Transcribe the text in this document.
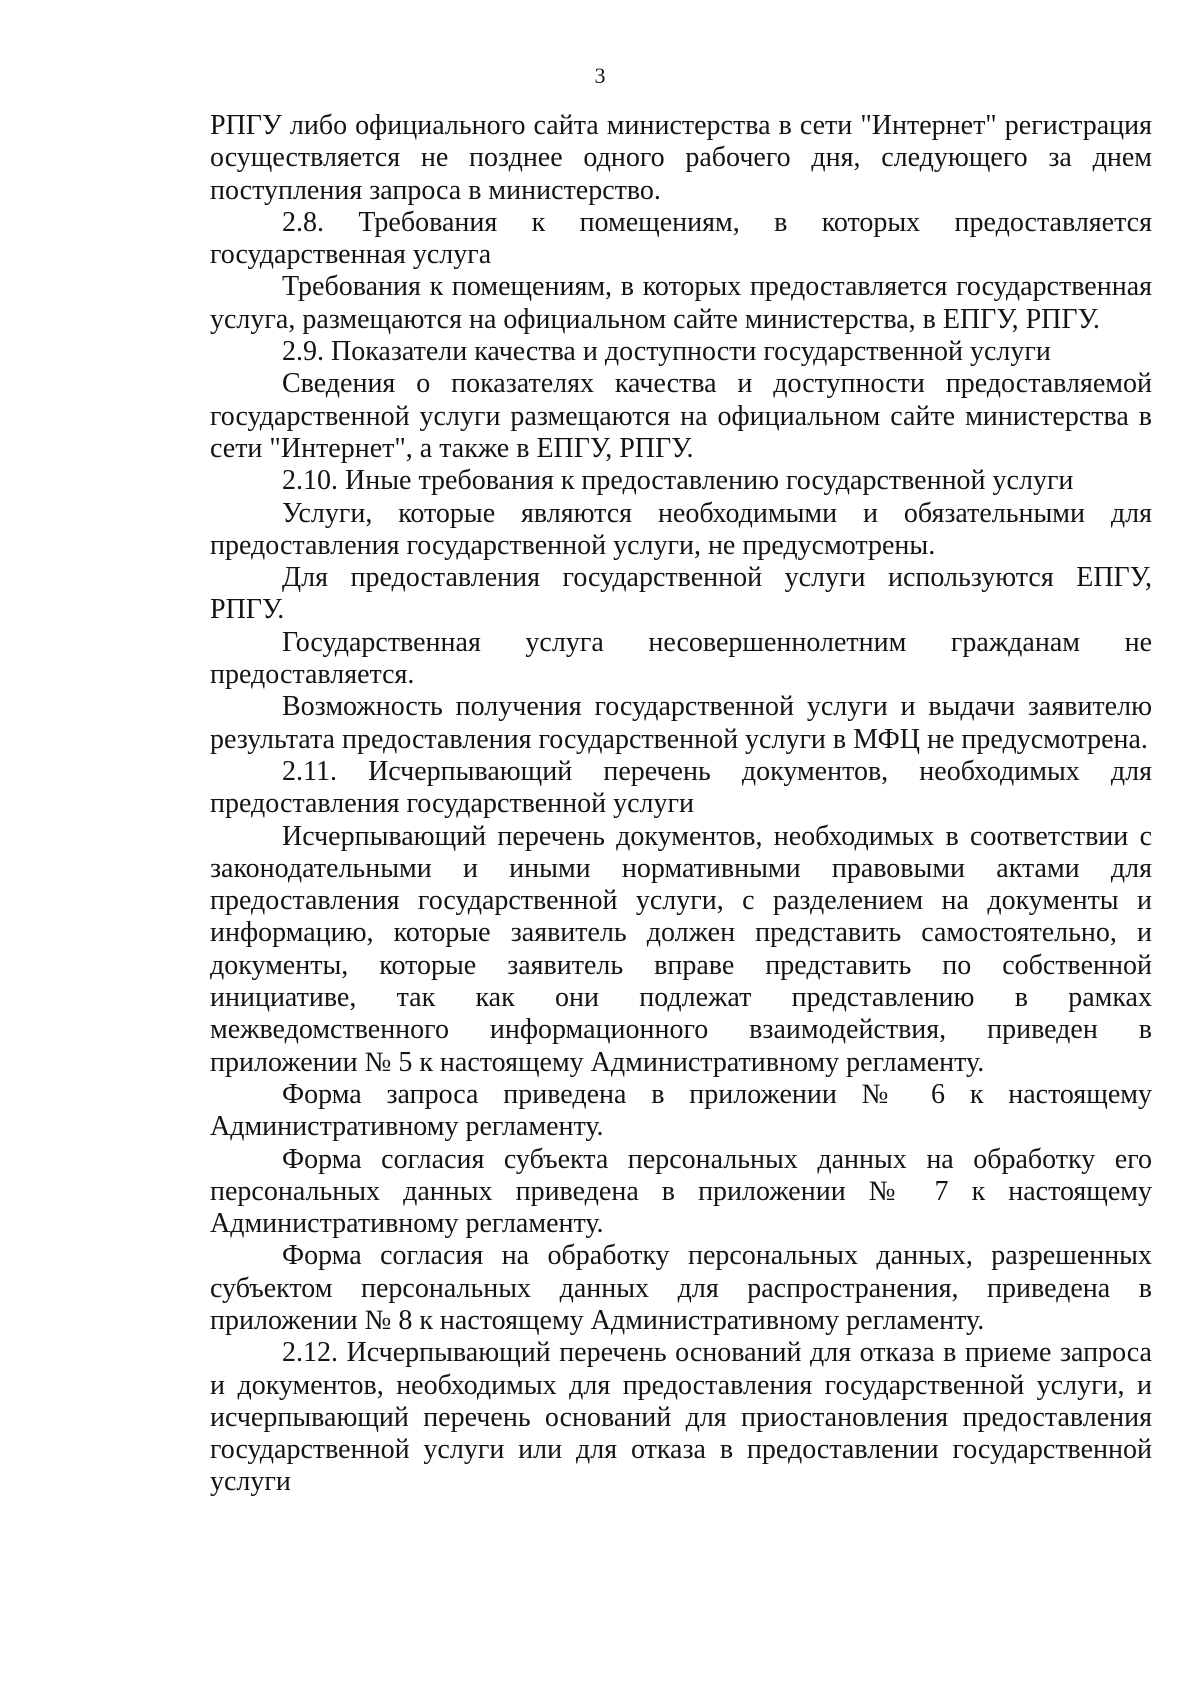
3

РПГУ либо официального сайта министерства в сети "Интернет" регистрация осуществляется не позднее одного рабочего дня, следующего за днем поступления запроса в министерство.

2.8. Требования к помещениям, в которых предоставляется государственная услуга

Требования к помещениям, в которых предоставляется государственная услуга, размещаются на официальном сайте министерства, в ЕПГУ, РПГУ.

2.9. Показатели качества и доступности государственной услуги

Сведения о показателях качества и доступности предоставляемой государственной услуги размещаются на официальном сайте министерства в сети "Интернет", а также в ЕПГУ, РПГУ.

2.10. Иные требования к предоставлению государственной услуги

Услуги, которые являются необходимыми и обязательными для предоставления государственной услуги, не предусмотрены.

Для предоставления государственной услуги используются ЕПГУ, РПГУ.

Государственная услуга несовершеннолетним гражданам не предоставляется.

Возможность получения государственной услуги и выдачи заявителю результата предоставления государственной услуги в МФЦ не предусмотрена.

2.11. Исчерпывающий перечень документов, необходимых для предоставления государственной услуги

Исчерпывающий перечень документов, необходимых в соответствии с законодательными и иными нормативными правовыми актами для предоставления государственной услуги, с разделением на документы и информацию, которые заявитель должен представить самостоятельно, и документы, которые заявитель вправе представить по собственной инициативе, так как они подлежат представлению в рамках межведомственного информационного взаимодействия, приведен в приложении № 5 к настоящему Административному регламенту.

Форма запроса приведена в приложении № 6 к настоящему Административному регламенту.

Форма согласия субъекта персональных данных на обработку его персональных данных приведена в приложении № 7 к настоящему Административному регламенту.

Форма согласия на обработку персональных данных, разрешенных субъектом персональных данных для распространения, приведена в приложении № 8 к настоящему Административному регламенту.

2.12. Исчерпывающий перечень оснований для отказа в приеме запроса и документов, необходимых для предоставления государственной услуги, и исчерпывающий перечень оснований для приостановления предоставления государственной услуги или для отказа в предоставлении государственной услуги
